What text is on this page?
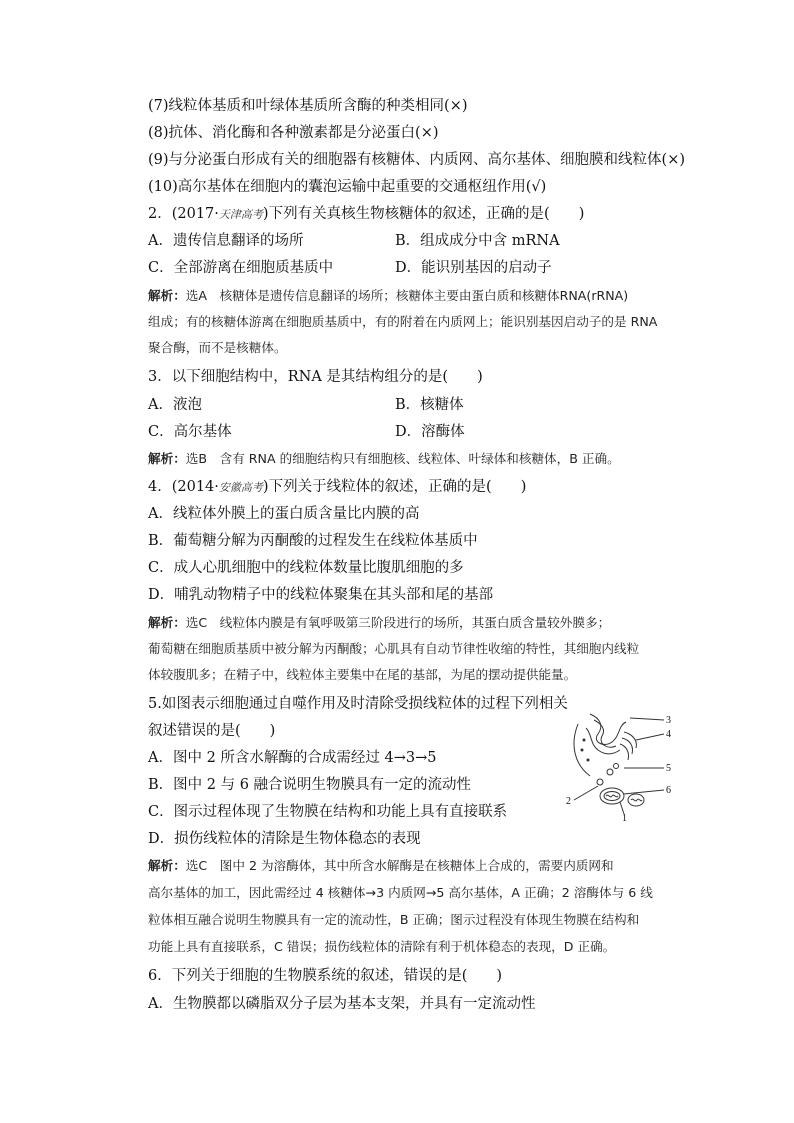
(7)线粒体基质和叶绿体基质所含酶的种类相同(×)
(8)抗体、消化酶和各种激素都是分泌蛋白(×)
(9)与分泌蛋白形成有关的细胞器有核糖体、内质网、高尔基体、细胞膜和线粒体(×)
(10)高尔基体在细胞内的囊泡运输中起重要的交通枢纽作用(√)
2．(2017·天津高考)下列有关真核生物核糖体的叙述，正确的是(　　)
A．遗传信息翻译的场所	B．组成成分中含 mRNA
C．全部游离在细胞质基质中	D．能识别基因的启动子
解析：选A　核糖体是遗传信息翻译的场所；核糖体主要由蛋白质和核糖体RNA(rRNA)
组成；有的核糖体游离在细胞质基质中，有的附着在内质网上；能识别基因启动子的是 RNA
聚合酶，而不是核糖体。
3．以下细胞结构中，RNA 是其结构组分的是(　　)
A．液泡	B．核糖体
C．高尔基体	D．溶酶体
解析：选B　含有 RNA 的细胞结构只有细胞核、线粒体、叶绿体和核糖体，B 正确。
4．(2014·安徽高考)下列关于线粒体的叙述，正确的是(　　)
A．线粒体外膜上的蛋白质含量比内膜的高
B．葡萄糖分解为丙酮酸的过程发生在线粒体基质中
C．成人心肌细胞中的线粒体数量比腹肌细胞的多
D．哺乳动物精子中的线粒体聚集在其头部和尾的基部
解析：选C　线粒体内膜是有氧呼吸第三阶段进行的场所，其蛋白质含量较外膜多；
葡萄糖在细胞质基质中被分解为丙酮酸；心肌具有自动节律性收缩的特性，其细胞内线粒
体较腹肌多；在精子中，线粒体主要集中在尾的基部，为尾的摆动提供能量。
5.如图表示细胞通过自噬作用及时清除受损线粒体的过程下列相关
叙述错误的是(　　)
A．图中 2 所含水解酶的合成需经过 4→3→5
B．图中 2 与 6 融合说明生物膜具有一定的流动性
C．图示过程体现了生物膜在结构和功能上具有直接联系
D．损伤线粒体的清除是生物体稳态的表现
3
4
5
6
2
1
解析：选C　图中 2 为溶酶体，其中所含水解酶是在核糖体上合成的，需要内质网和
高尔基体的加工，因此需经过 4 核糖体→3 内质网→5 高尔基体，A 正确；2 溶酶体与 6 线
粒体相互融合说明生物膜具有一定的流动性，B 正确；图示过程没有体现生物膜在结构和
功能上具有直接联系，C 错误；损伤线粒体的清除有利于机体稳态的表现，D 正确。
6．下列关于细胞的生物膜系统的叙述，错误的是(　　)
A．生物膜都以磷脂双分子层为基本支架，并具有一定流动性
